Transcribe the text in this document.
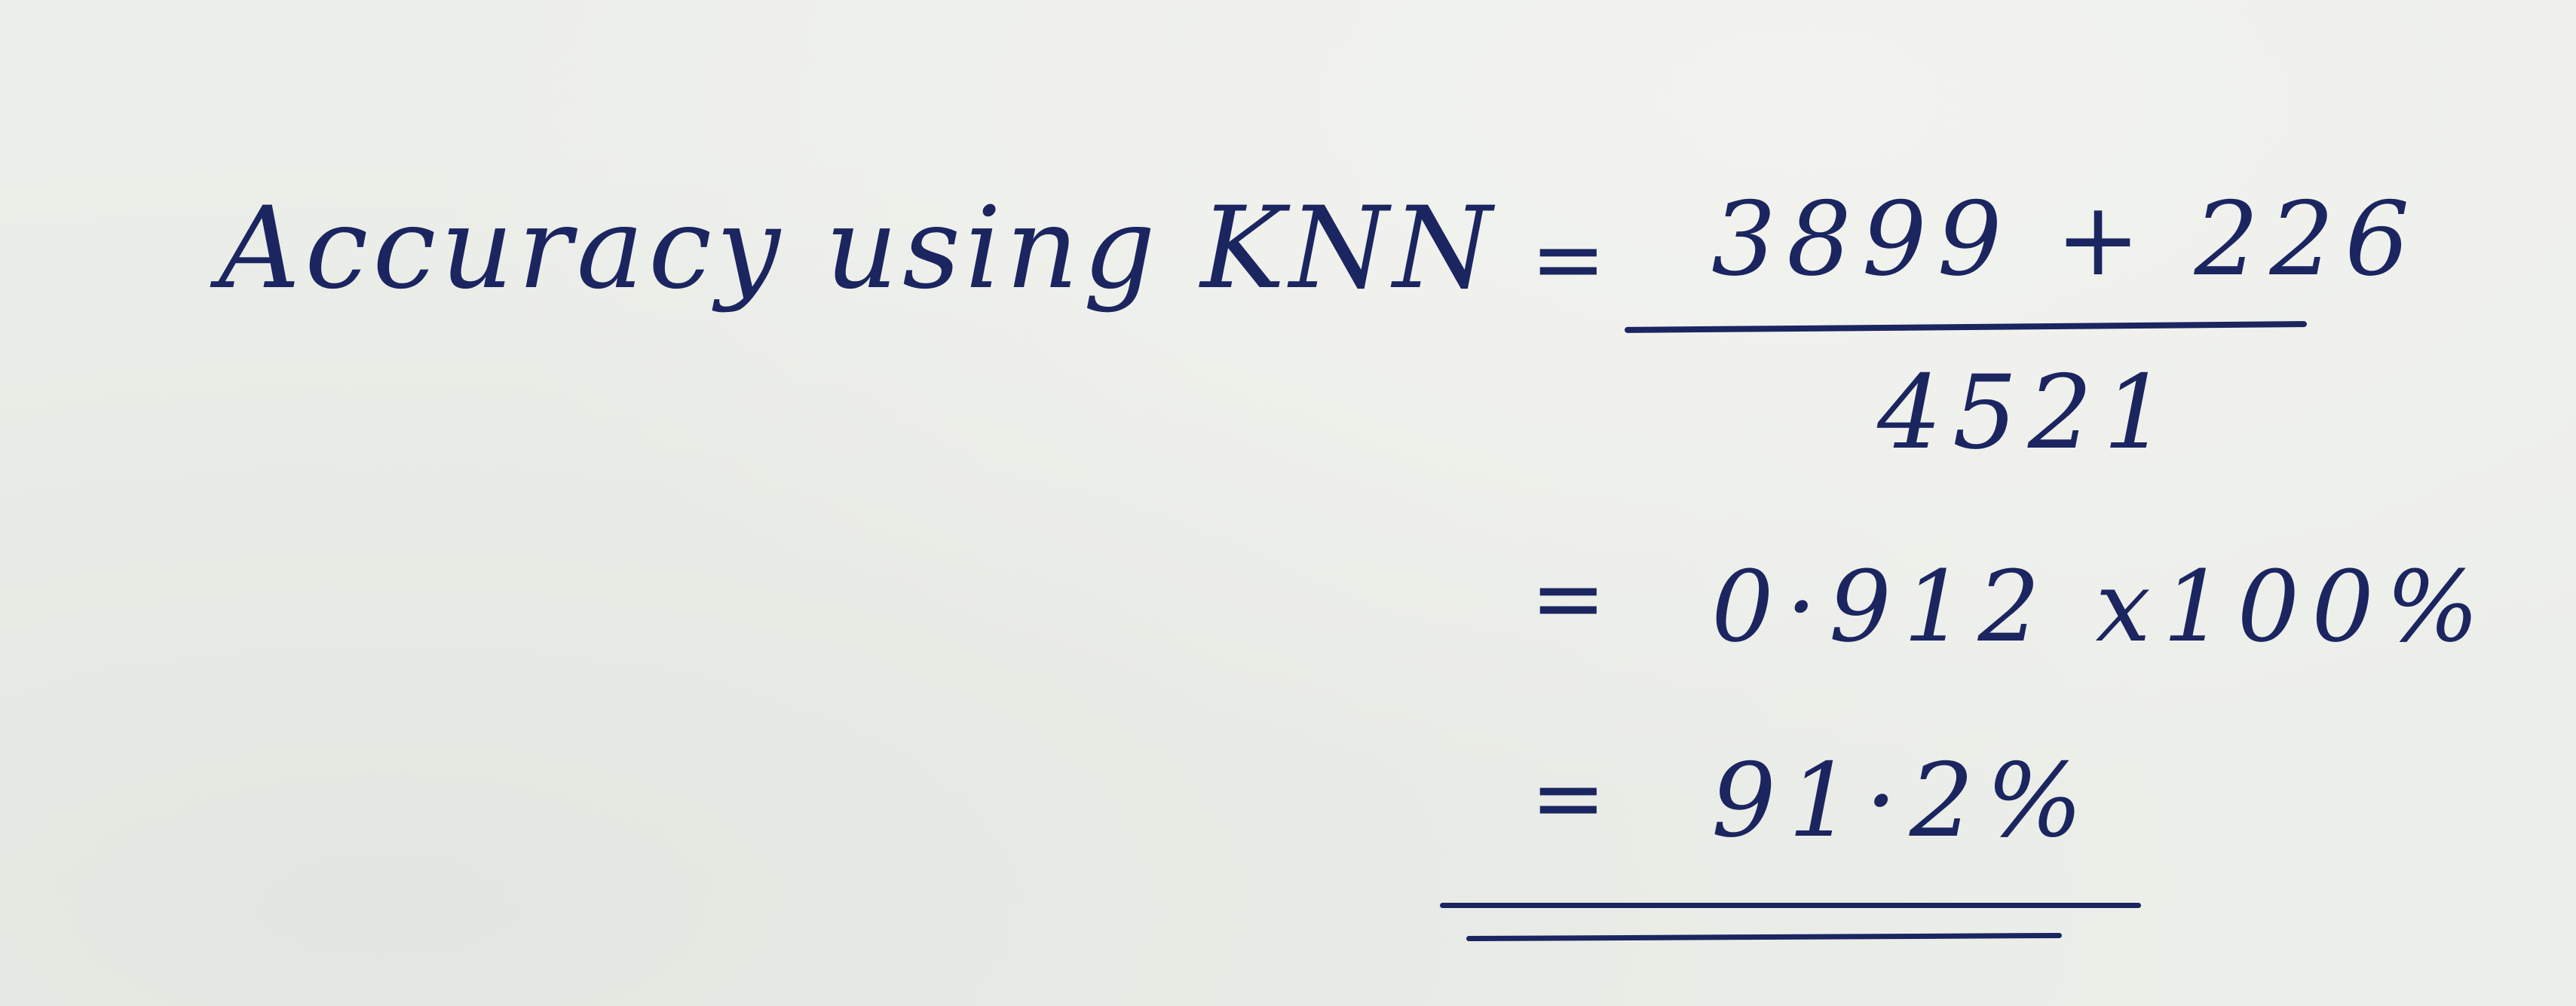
Accuracy using KNN = 3899 + 226
4521
= 0·912 x100%
= 91·2%
